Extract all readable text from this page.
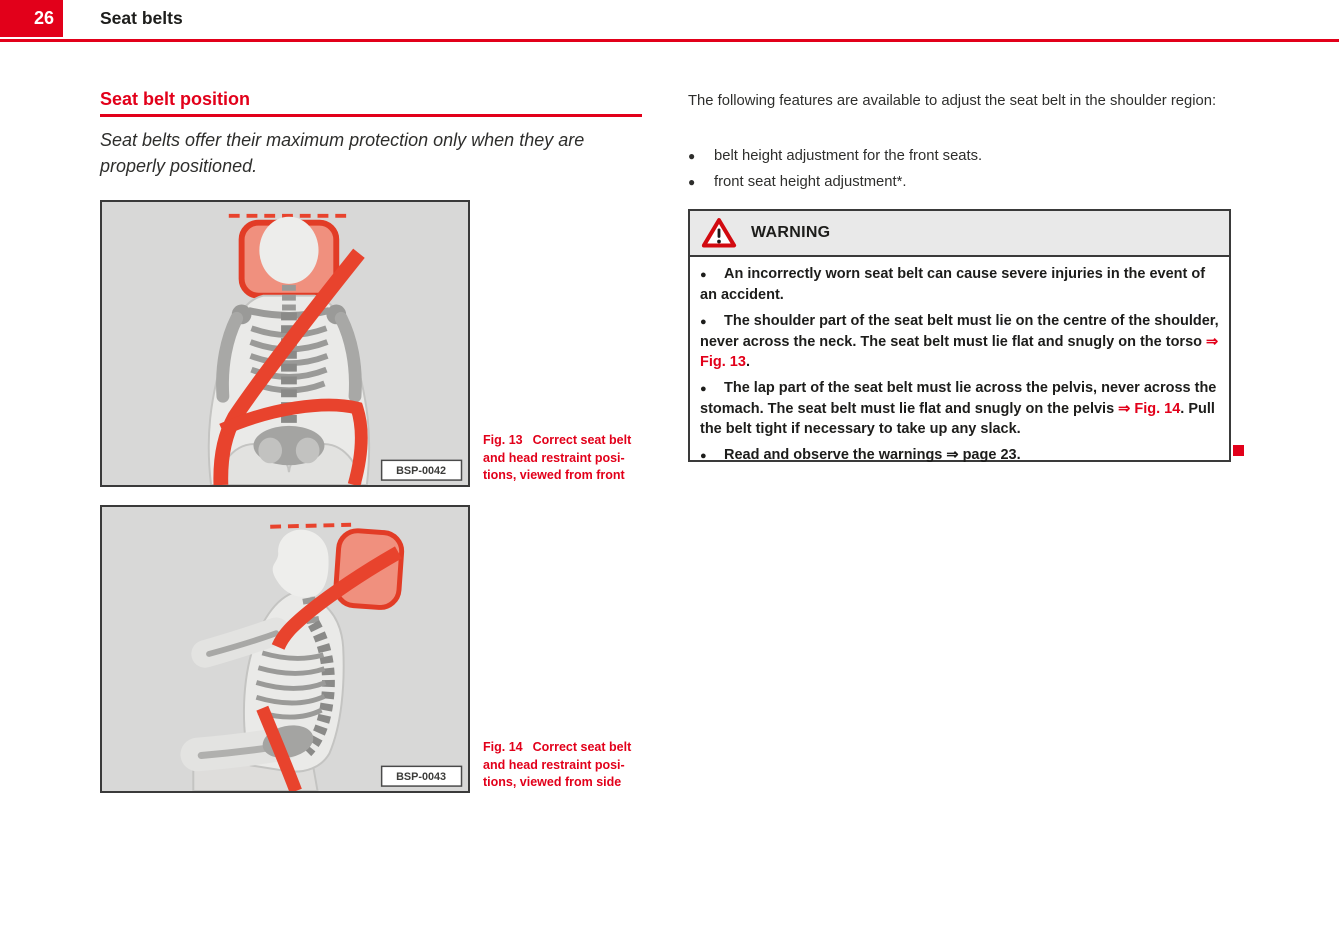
26	Seat belts
Seat belt position
Seat belts offer their maximum protection only when they are properly positioned.
BSP-0042
Fig. 13 Correct seat belt
and head restraint posi-
tions, viewed from front
BSP-0043
Fig. 14 Correct seat belt
and head restraint posi-
tions, viewed from side
The following features are available to adjust the seat belt in the shoulder region:
●	belt height adjustment for the front seats.
●	front seat height adjustment*.
WARNING
● An incorrectly worn seat belt can cause severe injuries in the event of an accident.
● The shoulder part of the seat belt must lie on the centre of the shoulder, never across the neck. The seat belt must lie flat and snugly on the torso ⇒ Fig. 13.
● The lap part of the seat belt must lie across the pelvis, never across the stomach. The seat belt must lie flat and snugly on the pelvis ⇒ Fig. 14. Pull the belt tight if necessary to take up any slack.
● Read and observe the warnings ⇒ page 23.
